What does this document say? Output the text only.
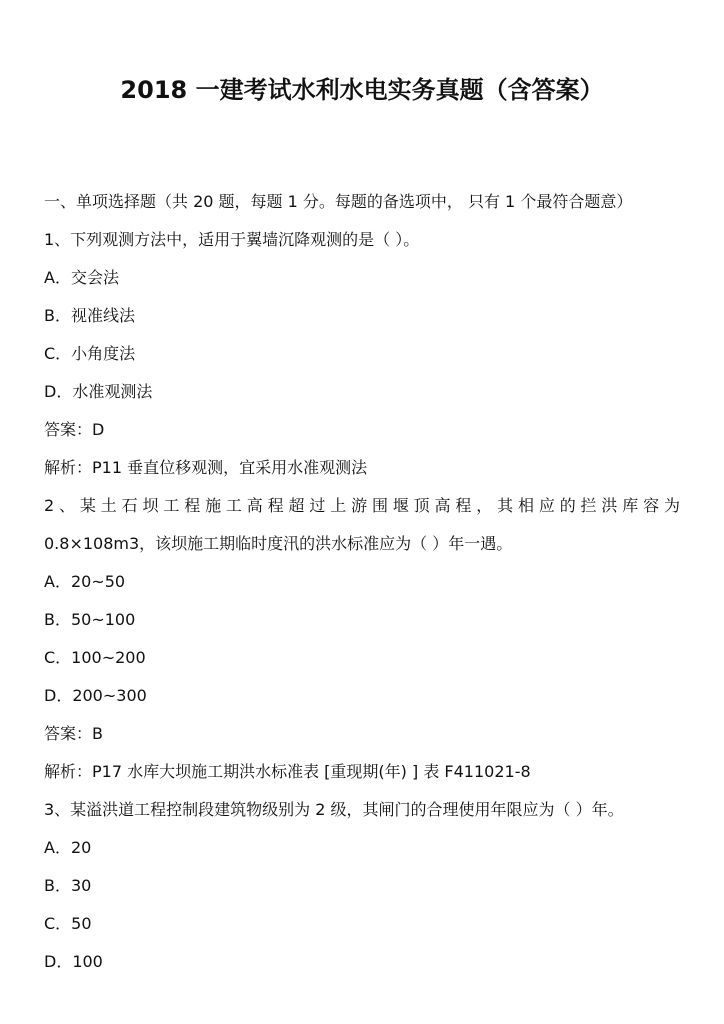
2018 一建考试水利水电实务真题（含答案）
一、单项选择题（共 20 题，每题 1 分。每题的备选项中， 只有 1 个最符合题意）
1、下列观测方法中，适用于翼墙沉降观测的是（ ）。
A．交会法
B．视准线法
C．小角度法
D．水准观测法
答案：D
解析：P11 垂直位移观测，宜采用水准观测法
2、某土石坝工程施工高程超过上游围堰顶高程，其相应的拦洪库容为
0.8×108m3，该坝施工期临时度汛的洪水标准应为（ ）年一遇。
A．20~50
B．50~100
C．100~200
D．200~300
答案：B
解析：P17 水库大坝施工期洪水标准表 [重现期(年) ] 表 F411021-8
3、某溢洪道工程控制段建筑物级别为 2 级，其闸门的合理使用年限应为（ ）年。
A．20
B．30
C．50
D．100
